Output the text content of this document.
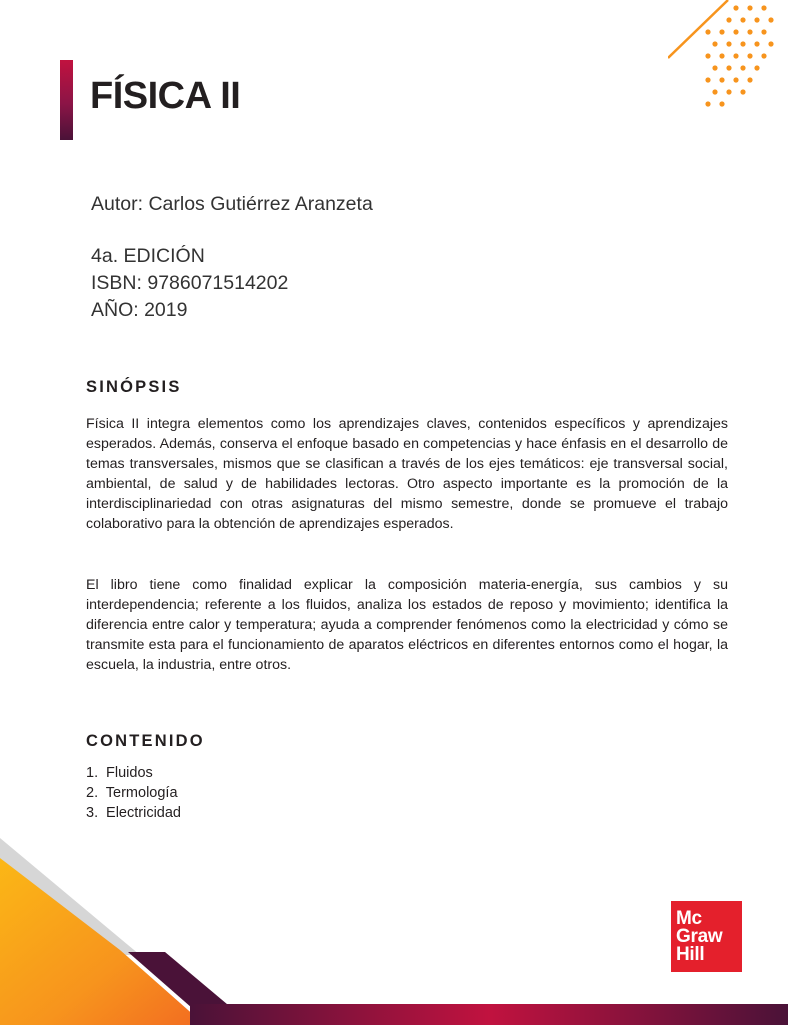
FÍSICA II
Autor: Carlos Gutiérrez Aranzeta
4a. EDICIÓN
ISBN: 9786071514202
AÑO: 2019
SINÓPSIS

Física II integra elementos como los aprendizajes claves, contenidos específicos y aprendizajes esperados. Además, conserva el enfoque basado en competencias y hace énfasis en el desarrollo de temas transversales, mismos que se clasifican a través de los ejes temáticos: eje transversal social, ambiental, de salud y de habilidades lectoras. Otro aspecto importante es la promoción de la interdisciplinariedad con otras asignaturas del mismo semestre, donde se promueve el trabajo colaborativo para la obtención de aprendizajes esperados.

El libro tiene como finalidad explicar la composición materia-energía, sus cambios y su interdependencia; referente a los fluidos, analiza los estados de reposo y movimiento; identifica la diferencia entre calor y temperatura; ayuda a comprender fenómenos como la electricidad y cómo se transmite esta para el funcionamiento de aparatos eléctricos en diferentes entornos como el hogar, la escuela, la industria, entre otros.

CONTENIDO
1. Fluidos
2. Termología
3. Electricidad
Mc
Graw
Hill
